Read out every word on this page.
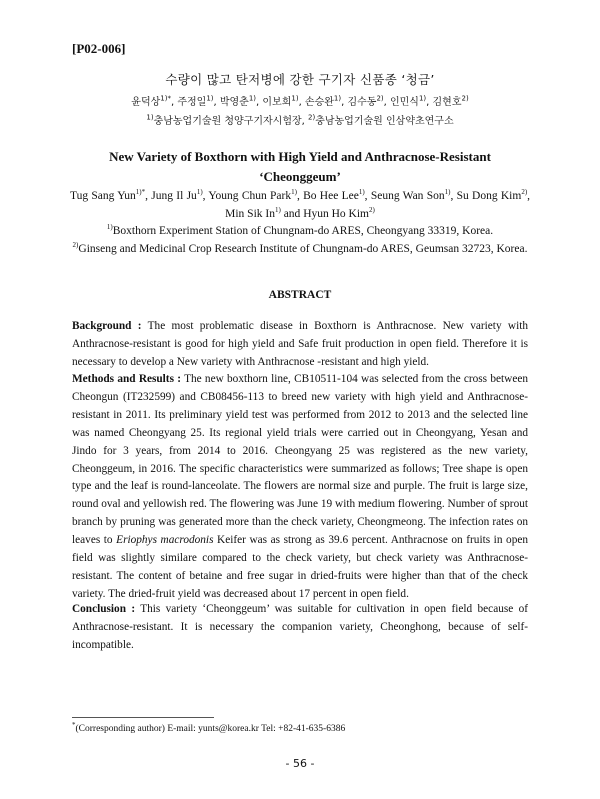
[P02-006]
수량이 많고 탄저병에 강한 구기자 신품종 ‘청금’
윤덕상$^{1)*}$, 주정일$^{1)}$, 박영춘$^{1)}$, 이보희$^{1)}$, 손승완$^{1)}$, 김수동$^{2)}$, 인민식$^{1)}$, 김현호$^{2)}$
$^{1)}$충남농업기술원 청양구기자시험장, $^{2)}$충남농업기술원 인삼약초연구소
New Variety of Boxthorn with High Yield and Anthracnose-Resistant
‘Cheonggeum’
Tug Sang Yun$^{1)*}$, Jung Il Ju$^{1)}$, Young Chun Park$^{1)}$, Bo Hee Lee$^{1)}$, Seung Wan Son$^{1)}$, Su Dong Kim$^{2)}$, Min Sik In$^{1)}$ and Hyun Ho Kim$^{2)}$
$^{1)}$Boxthorn Experiment Station of Chungnam-do ARES, Cheongyang 33319, Korea.
$^{2)}$Ginseng and Medicinal Crop Research Institute of Chungnam-do ARES, Geumsan 32723, Korea.
ABSTRACT
Background : The most problematic disease in Boxthorn is Anthracnose. New variety with Anthracnose-resistant is good for high yield and Safe fruit production in open field. Therefore it is necessary to develop a New variety with Anthracnose -resistant and high yield.
Methods and Results : The new boxthorn line, CB10511-104 was selected from the cross between Cheongun (IT232599) and CB08456-113 to breed new variety with high yield and Anthracnose-resistant in 2011. Its preliminary yield test was performed from 2012 to 2013 and the selected line was named Cheongyang 25. Its regional yield trials were carried out in Cheongyang, Yesan and Jindo for 3 years, from 2014 to 2016. Cheongyang 25 was registered as the new variety, Cheonggeum, in 2016. The specific characteristics were summarized as follows; Tree shape is open type and the leaf is round-lanceolate. The flowers are normal size and purple. The fruit is large size, round oval and yellowish red. The flowering was June 19 with medium flowering. Number of sprout branch by pruning was generated more than the check variety, Cheongmeong. The infection rates on leaves to Eriophys macrodonis Keifer was as strong as 39.6 percent. Anthracnose on fruits in open field was slightly similare compared to the check variety, but check variety was Anthracnose-resistant. The content of betaine and free sugar in dried-fruits were higher than that of the check variety. The dried-fruit yield was decreased about 17 percent in open field.
Conclusion : This variety ‘Cheonggeum’ was suitable for cultivation in open field because of Anthracnose-resistant. It is necessary the companion variety, Cheonghong, because of self-incompatible.
*(Corresponding author) E-mail: yunts@korea.kr Tel: +82-41-635-6386
- 56 -
